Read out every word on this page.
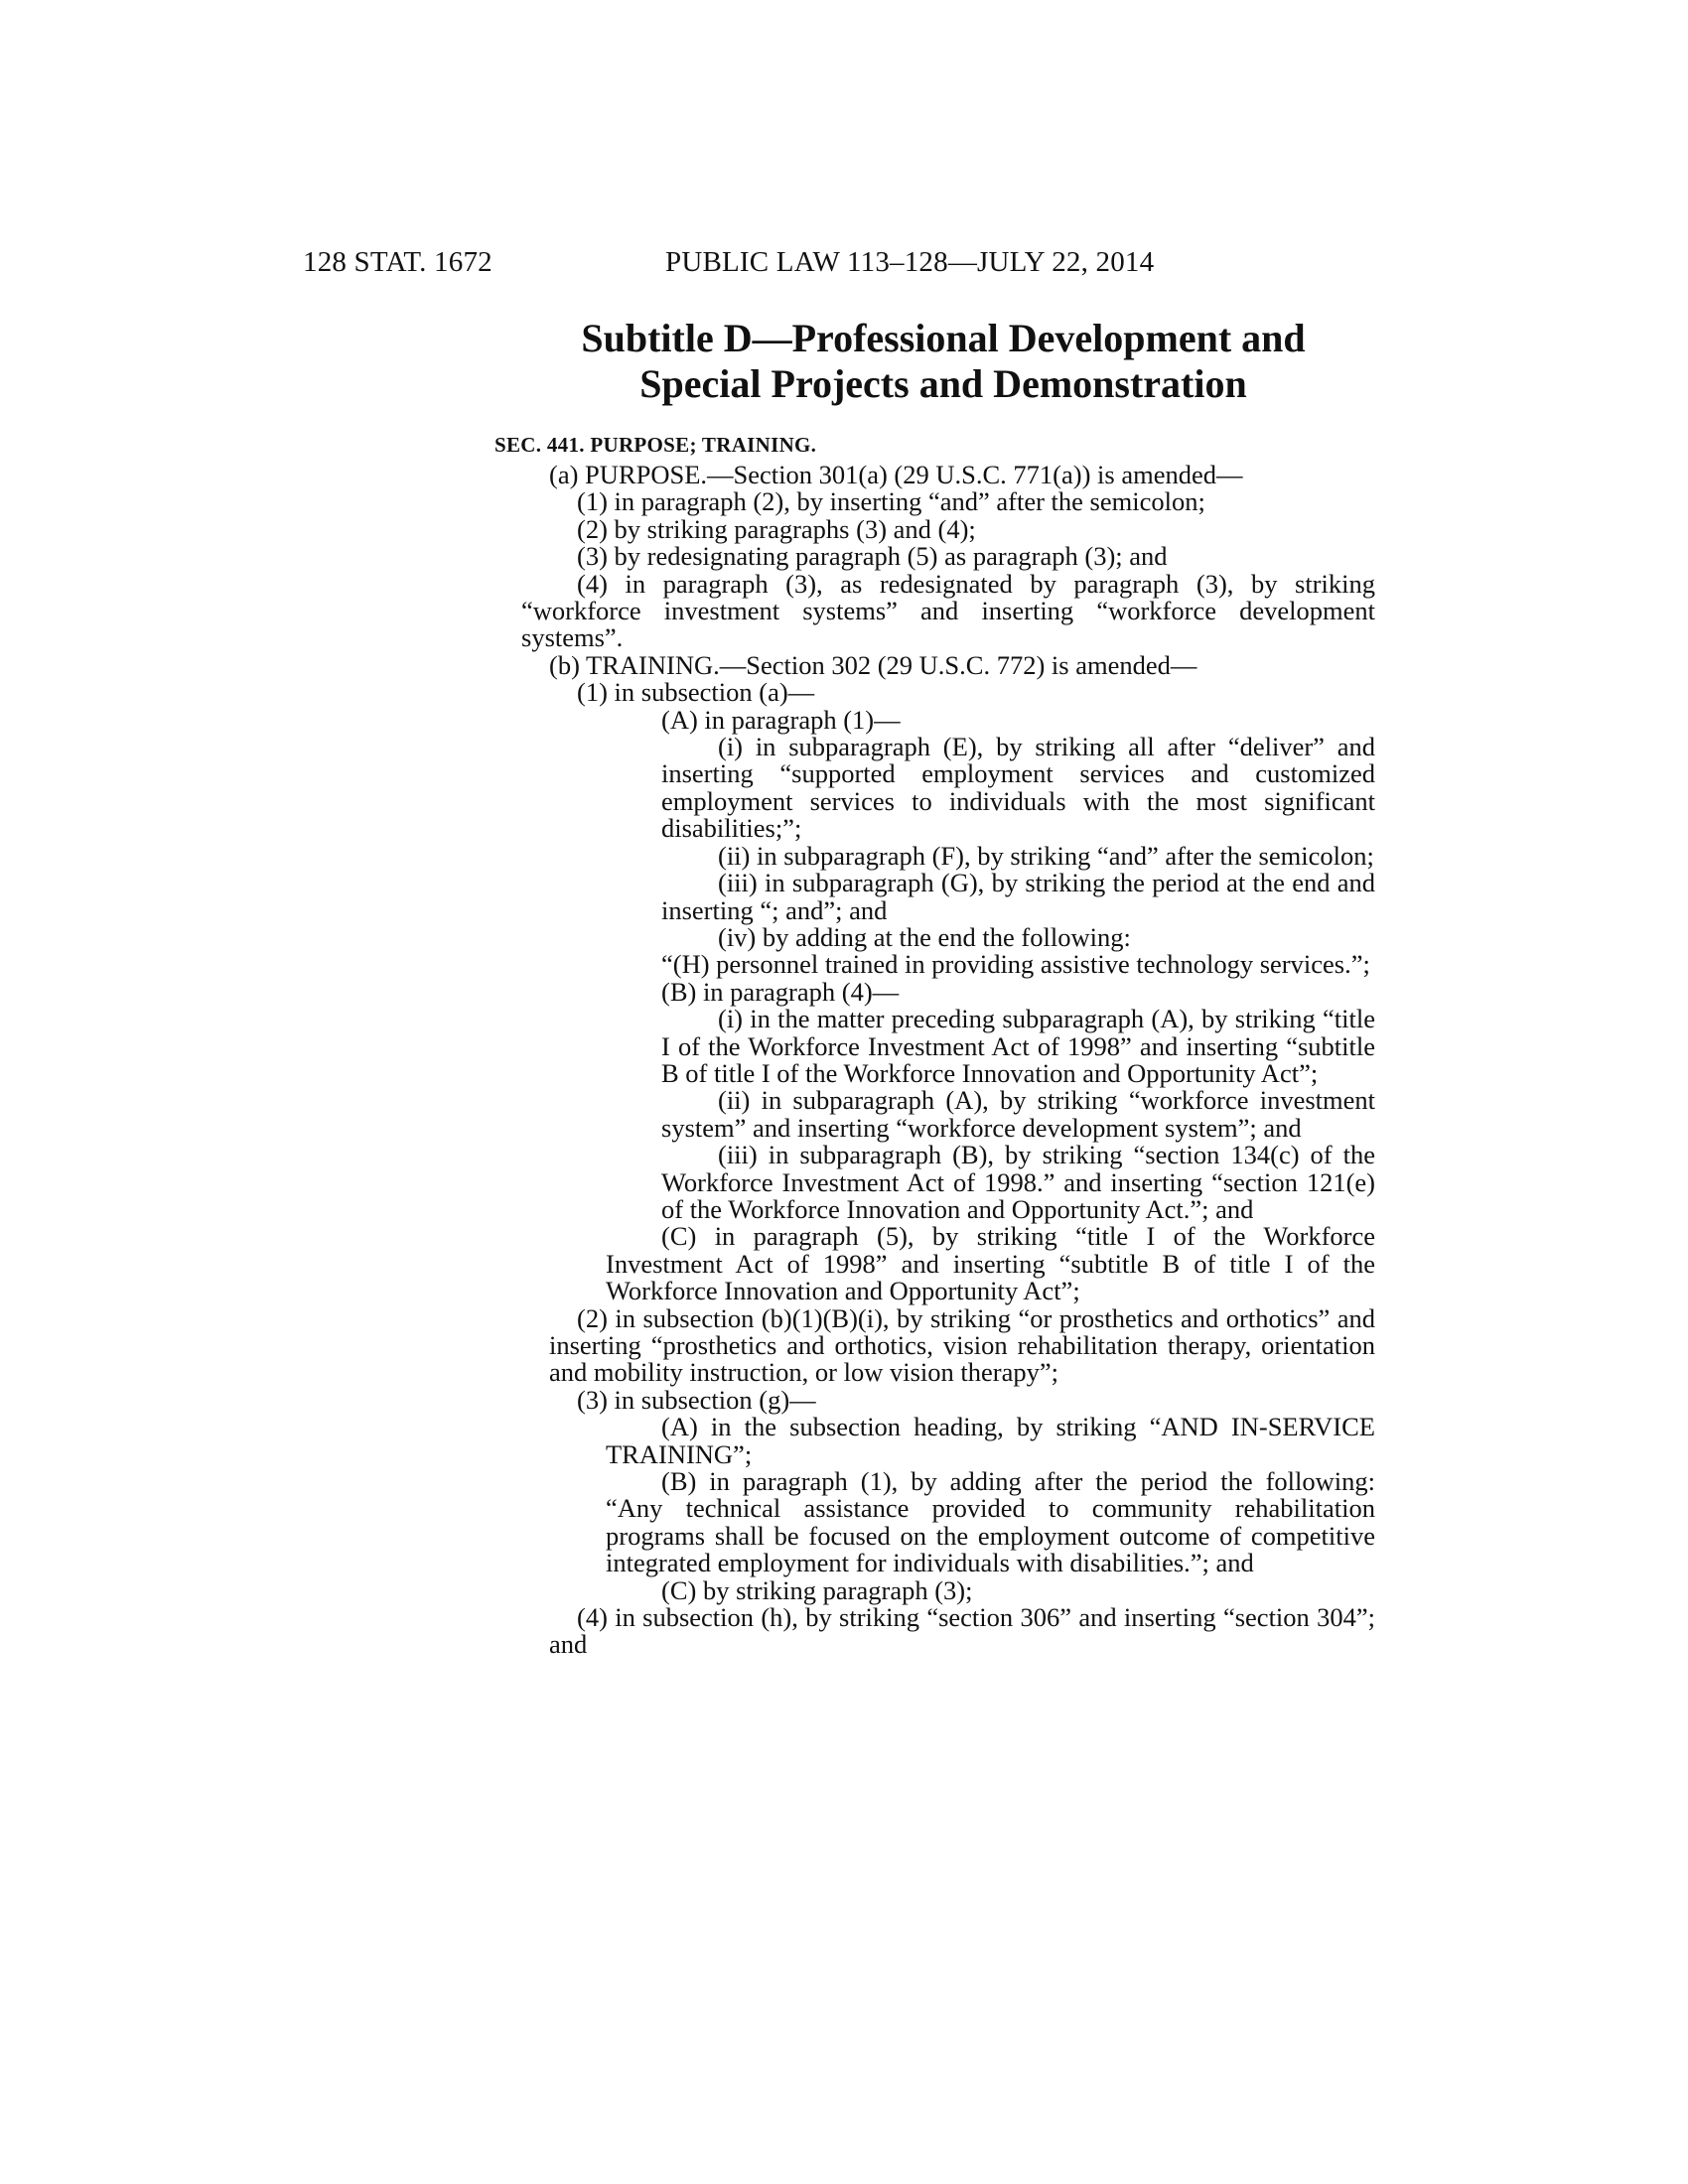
128 STAT. 1672	PUBLIC LAW 113–128—JULY 22, 2014
Subtitle D—Professional Development and
Special Projects and Demonstration
SEC. 441. PURPOSE; TRAINING.

(a) PURPOSE.—Section 301(a) (29 U.S.C. 771(a)) is amended—

(1) in paragraph (2), by inserting “and” after the semicolon;

(2) by striking paragraphs (3) and (4);

(3) by redesignating paragraph (5) as paragraph (3); and

(4) in paragraph (3), as redesignated by paragraph (3), by striking “workforce investment systems” and inserting “workforce development systems”.

(b) TRAINING.—Section 302 (29 U.S.C. 772) is amended—

(1) in subsection (a)—

(A) in paragraph (1)—

(i) in subparagraph (E), by striking all after “deliver” and inserting “supported employment services and customized employment services to individuals with the most significant disabilities;”;

(ii) in subparagraph (F), by striking “and” after the semicolon;

(iii) in subparagraph (G), by striking the period at the end and inserting “; and”; and

(iv) by adding at the end the following:

“(H) personnel trained in providing assistive technology services.”;

(B) in paragraph (4)—

(i) in the matter preceding subparagraph (A), by striking “title I of the Workforce Investment Act of 1998” and inserting “subtitle B of title I of the Workforce Innovation and Opportunity Act”;

(ii) in subparagraph (A), by striking “workforce investment system” and inserting “workforce development system”; and

(iii) in subparagraph (B), by striking “section 134(c) of the Workforce Investment Act of 1998.” and inserting “section 121(e) of the Workforce Innovation and Opportunity Act.”; and

(C) in paragraph (5), by striking “title I of the Workforce Investment Act of 1998” and inserting “subtitle B of title I of the Workforce Innovation and Opportunity Act”;

(2) in subsection (b)(1)(B)(i), by striking “or prosthetics and orthotics” and inserting “prosthetics and orthotics, vision rehabilitation therapy, orientation and mobility instruction, or low vision therapy”;

(3) in subsection (g)—

(A) in the subsection heading, by striking “AND IN-SERVICE TRAINING”;

(B) in paragraph (1), by adding after the period the following: “Any technical assistance provided to community rehabilitation programs shall be focused on the employment outcome of competitive integrated employment for individuals with disabilities.”; and

(C) by striking paragraph (3);

(4) in subsection (h), by striking “section 306” and inserting “section 304”; and
